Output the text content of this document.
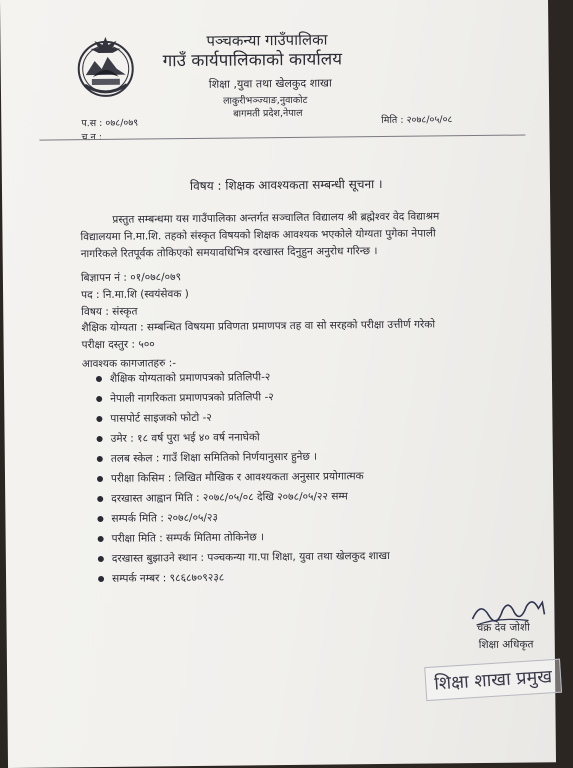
पञ्चकन्या गाउँपालिका
गाउँ कार्यपालिकाको कार्यालय
शिक्षा ,युवा तथा खेलकुद शाखा
लाकुरीभञ्ज्याङ,नुवाकोट
बागमती प्रदेश,नेपाल
प.स : ०७८/०७९	मिति : २०७८/०५/०८
च.न :
विषय : शिक्षक आवश्यकता सम्बन्धी सूचना ।
प्रस्तुत सम्बन्धमा यस गाउँपालिका अन्तर्गत सञ्चालित विद्यालय श्री ब्रह्मेश्वर वेद विद्याश्रम
विद्यालयमा नि.मा.शि. तहको संस्कृत विषयको शिक्षक आवश्यक भएकोले योग्यता पुगेका नेपाली
नागरिकले रितपूर्वक तोकिएको समयावधिभित्र दरखास्त दिनुहुन अनुरोध गरिन्छ ।
बिज्ञापन नं : ०१/०७८/०७९
पद : नि.मा.शि (स्वयंसेवक )
विषय : संस्कृत
शैक्षिक योग्यता : सम्बन्धित विषयमा प्रविणता प्रमाणपत्र तह वा सो सरहको परीक्षा उत्तीर्ण गरेको
परीक्षा दस्तुर : ५००
आवश्यक कागजातहरु :-
शैक्षिक योग्यताको प्रमाणपत्रको प्रतिलिपी-२
नेपाली नागरिकता प्रमाणपत्रको प्रतिलिपी -२
पासपोर्ट साइजको फोटो -२
उमेर : १८ वर्ष पुरा भई ४० वर्ष ननाघेको
तलब स्केल : गाउँ शिक्षा समितिको निर्णयानुसार हुनेछ ।
परीक्षा किसिम : लिखित मौखिक र आवश्यकता अनुसार प्रयोगात्मक
दरखास्त आह्वान मिति : २०७८/०५/०८ देखि २०७८/०५/२२ सम्म
सम्पर्क मिति : २०७८/०५/२३
परीक्षा मिति : सम्पर्क मितिमा तोकिनेछ ।
दरखास्त बुझाउने स्थान : पञ्चकन्या गा.पा शिक्षा, युवा तथा खेलकुद शाखा
सम्पर्क नम्बर : ९८६८७०९२३८
चक्र देव जोशी
शिक्षा अधिकृत
शिक्षा शाखा प्रमुख
